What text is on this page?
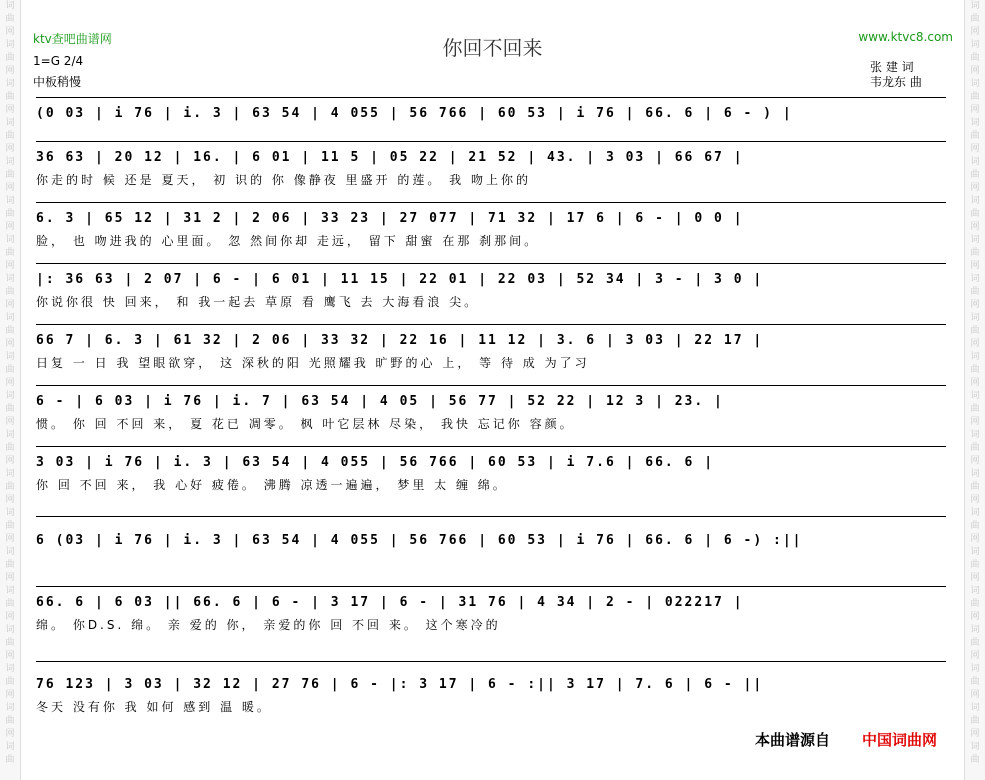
词
曲
网
词
曲
网
词
曲
网
词
曲
网
词
曲
网
词
曲
网
词
曲
网
词
曲
网
词
曲
网
词
曲
网
词
曲
网
词
曲
网
词
曲
网
词
曲
网
词
曲
网
词
曲
网
词
曲
网
词
曲
网
词
曲
网
词
曲
词
曲
网
词
曲
网
词
曲
网
词
曲
网
词
曲
网
词
曲
网
词
曲
网
词
曲
网
词
曲
网
词
曲
网
词
曲
网
词
曲
网
词
曲
网
词
曲
网
词
曲
网
词
曲
网
词
曲
网
词
曲
网
词
曲
网
词
曲
ktv查吧曲谱网	www.ktvc8.com
你回不回来
1=G 2/4
中板稍慢
张 建 词
韦龙东 曲
(0 03 | i 76 | i. 3 | 63 54 | 4 055 | 56 766 | 60 53 | i 76 | 66. 6 | 6 - ) |
36 63 | 20 12 | 16. | 6 01 | 11 5 | 05 22 | 21 52 | 43. | 3 03 | 66 67 |
你走的时 候 还是 夏天， 初 识的 你 像静夜 里盛开 的莲。 我 吻上你的
6. 3 | 65 12 | 31 2 | 2 06 | 33 23 | 27 077 | 71 32 | 17 6 | 6 - | 0 0 |
脸， 也 吻进我的 心里面。 忽 然间你却 走远， 留下 甜蜜 在那 刹那间。
|: 36 63 | 2 07 | 6 - | 6 01 | 11 15 | 22 01 | 22 03 | 52 34 | 3 - | 3 0 |
你说你很 快 回来， 和 我一起去 草原 看 鹰飞 去 大海看浪 尖。
66 7 | 6. 3 | 61 32 | 2 06 | 33 32 | 22 16 | 11 12 | 3. 6 | 3 03 | 22 17 |
日复 一 日 我 望眼欲穿， 这 深秋的阳 光照耀我 旷野的心 上， 等 待 成 为了习
6 - | 6 03 | i 76 | i. 7 | 63 54 | 4 05 | 56 77 | 52 22 | 12 3 | 23. |
惯。 你 回 不回 来， 夏 花已 凋零。 枫 叶它层林 尽染， 我快 忘记你 容颜。
3 03 | i 76 | i. 3 | 63 54 | 4 055 | 56 766 | 60 53 | i 7.6 | 66. 6 |
你 回 不回 来， 我 心好 疲倦。 沸腾 凉透一遍遍， 梦里 太 缠 绵。
6 (03 | i 76 | i. 3 | 63 54 | 4 055 | 56 766 | 60 53 | i 76 | 66. 6 | 6 -) :||
66. 6 | 6 03 || 66. 6 | 6 - | 3 17 | 6 - | 31 76 | 4 34 | 2 - | 022217 |
绵。 你D.S. 绵。 亲 爱的 你， 亲爱的你 回 不回 来。 这个寒冷的
76 123 | 3 03 | 32 12 | 27 76 | 6 - |: 3 17 | 6 - :|| 3 17 | 7. 6 | 6 - ||
冬天 没有你 我 如何 感到 温 暖。
本曲谱源自 中国词曲网
